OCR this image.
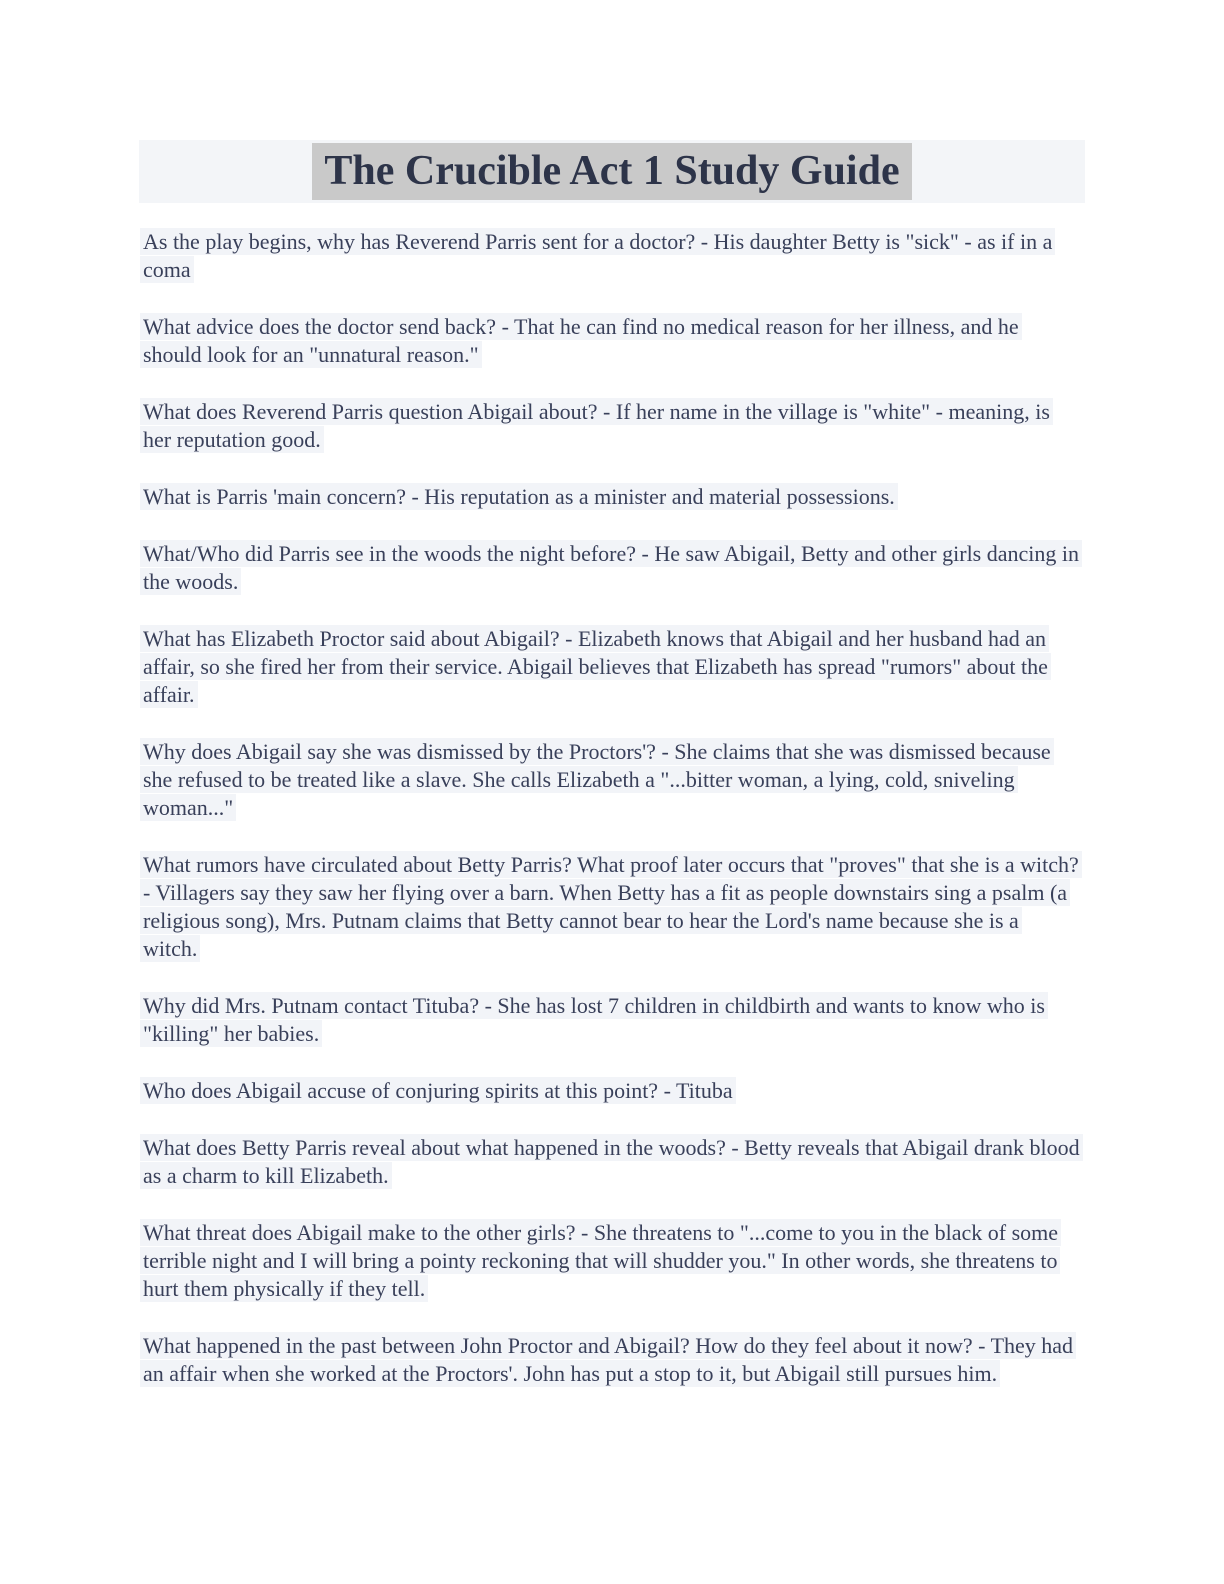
The Crucible Act 1 Study Guide

As the play begins, why has Reverend Parris sent for a doctor? - His daughter Betty is "sick" - as if in a coma

What advice does the doctor send back? - That he can find no medical reason for her illness, and he should look for an "unnatural reason."

What does Reverend Parris question Abigail about? - If her name in the village is "white" - meaning, is her reputation good.

What is Parris 'main concern? - His reputation as a minister and material possessions.

What/Who did Parris see in the woods the night before? - He saw Abigail, Betty and other girls dancing in the woods.

What has Elizabeth Proctor said about Abigail? - Elizabeth knows that Abigail and her husband had an affair, so she fired her from their service. Abigail believes that Elizabeth has spread "rumors" about the affair.

Why does Abigail say she was dismissed by the Proctors'? - She claims that she was dismissed because she refused to be treated like a slave. She calls Elizabeth a "...bitter woman, a lying, cold, sniveling woman..."

What rumors have circulated about Betty Parris? What proof later occurs that "proves" that she is a witch? - Villagers say they saw her flying over a barn. When Betty has a fit as people downstairs sing a psalm (a religious song), Mrs. Putnam claims that Betty cannot bear to hear the Lord's name because she is a witch.

Why did Mrs. Putnam contact Tituba? - She has lost 7 children in childbirth and wants to know who is "killing" her babies.

Who does Abigail accuse of conjuring spirits at this point? - Tituba

What does Betty Parris reveal about what happened in the woods? - Betty reveals that Abigail drank blood as a charm to kill Elizabeth.

What threat does Abigail make to the other girls? - She threatens to "...come to you in the black of some terrible night and I will bring a pointy reckoning that will shudder you." In other words, she threatens to hurt them physically if they tell.

What happened in the past between John Proctor and Abigail? How do they feel about it now? - They had an affair when she worked at the Proctors'. John has put a stop to it, but Abigail still pursues him.
